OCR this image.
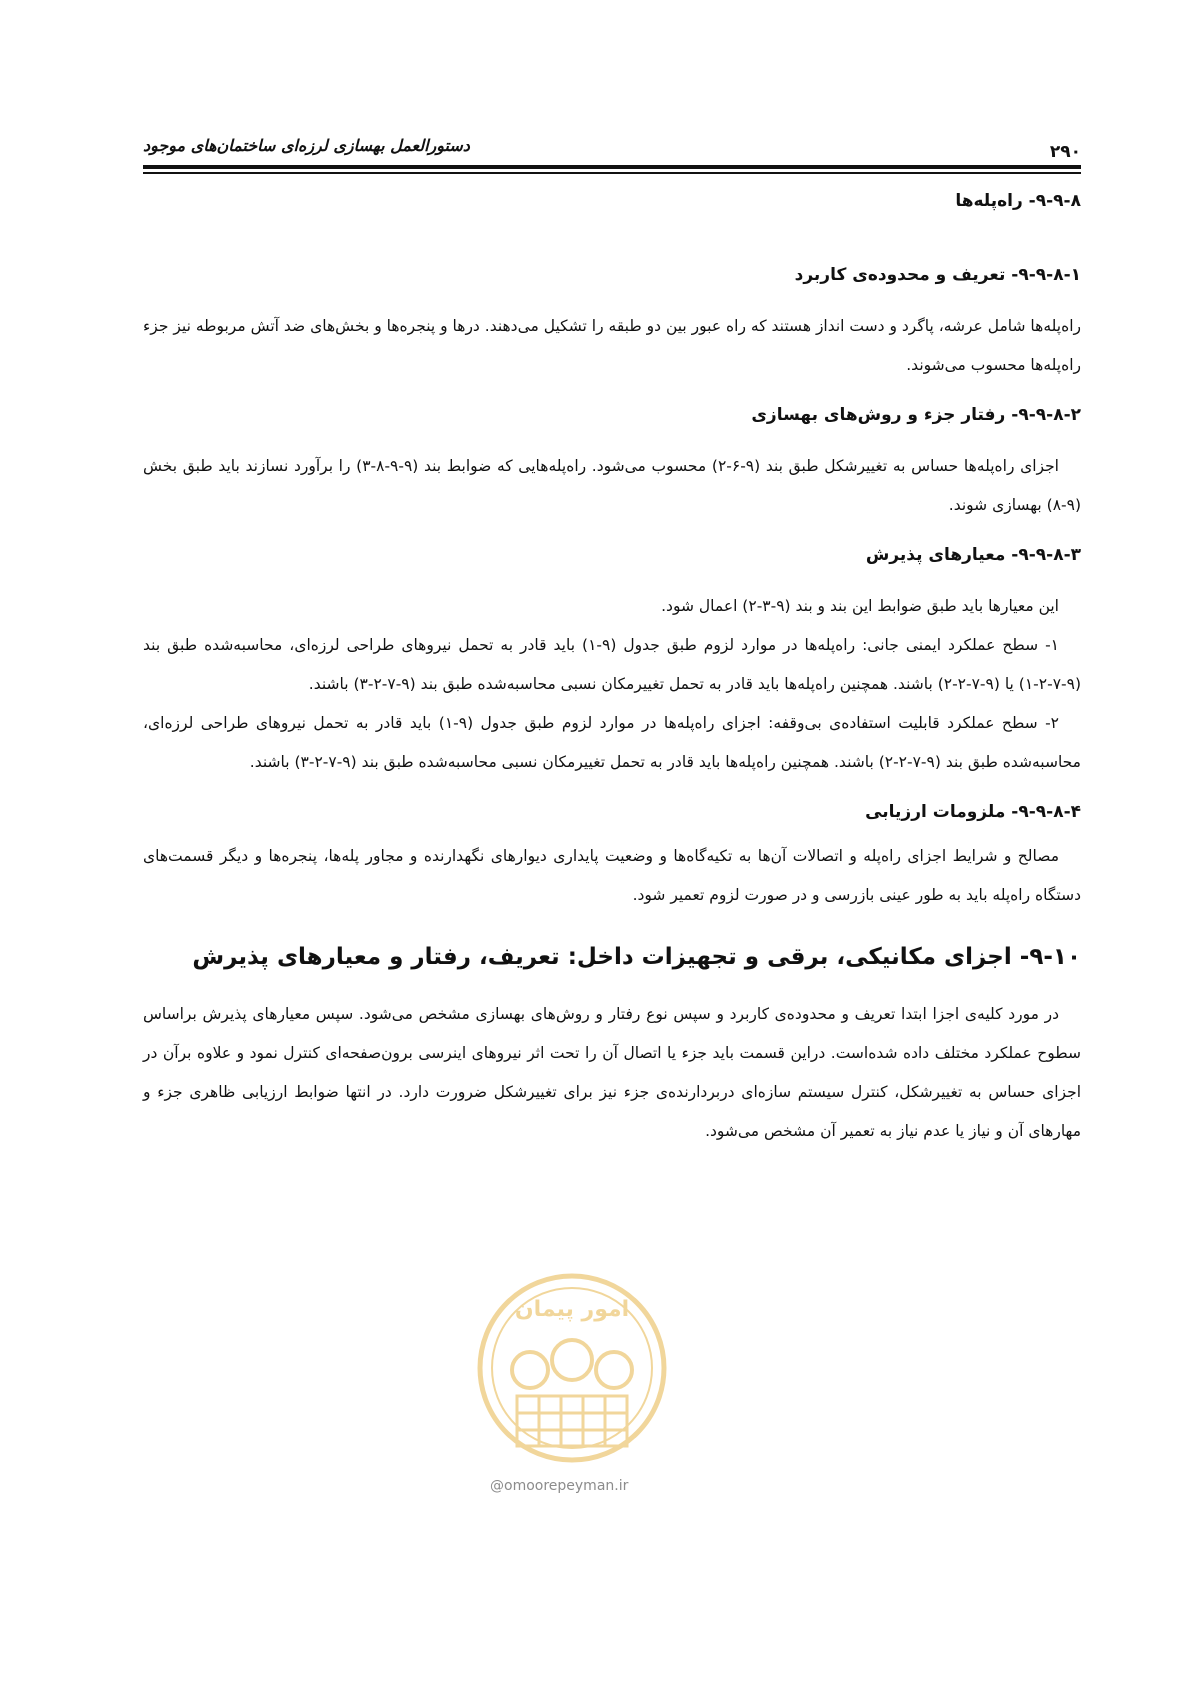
۲۹۰
دستورالعمل بهسازی لرزه‌ای ساختمان‌های موجود
۹-۹-۸- راه‌پله‌ها
۹-۹-۸-۱- تعریف و محدوده‌ی کاربرد

راه‌پله‌ها شامل عرشه، پاگرد و دست انداز هستند که راه عبور بین دو طبقه را تشکیل می‌دهند. درها و پنجره‌ها و بخش‌های ضد آتش مربوطه نیز جزء راه‌پله‌ها محسوب می‌شوند.

۹-۹-۸-۲- رفتار جزء و روش‌های بهسازی

اجزای راه‌پله‌ها حساس به تغییرشکل طبق بند (۹-۶-۲) محسوب می‌شود. راه‌پله‌هایی که ضوابط بند (۹-۹-۸-۳) را برآورد نسازند باید طبق بخش (۹-۸) بهسازی شوند.

۹-۹-۸-۳- معیارهای پذیرش

این معیارها باید طبق ضوابط این بند و بند (۹-۳-۲) اعمال شود.

۱- سطح عملکرد ایمنی جانی: راه‌پله‌ها در موارد لزوم طبق جدول (۹-۱) باید قادر به تحمل نیروهای طراحی لرزه‌ای، محاسبه‌شده طبق بند (۹-۷-۲-۱) یا (۹-۷-۲-۲) باشند. همچنین راه‌پله‌ها باید قادر به تحمل تغییرمکان نسبی محاسبه‌شده طبق بند (۹-۷-۲-۳) باشند.

۲- سطح عملکرد قابلیت استفاده‌ی بی‌وقفه: اجزای راه‌پله‌ها در موارد لزوم طبق جدول (۹-۱) باید قادر به تحمل نیروهای طراحی لرزه‌ای، محاسبه‌شده طبق بند (۹-۷-۲-۲) باشند. همچنین راه‌پله‌ها باید قادر به تحمل تغییرمکان نسبی محاسبه‌شده طبق بند (۹-۷-۲-۳) باشند.

۹-۹-۸-۴- ملزومات ارزیابی

مصالح و شرایط اجزای راه‌پله و اتصالات آن‌ها به تکیه‌گاه‌ها و وضعیت پایداری دیوارهای نگهدارنده و مجاور پله‌ها، پنجره‌ها و دیگر قسمت‌های دستگاه راه‌پله باید به طور عینی بازرسی و در صورت لزوم تعمیر شود.

۹-۱۰- اجزای مکانیکی، برقی و تجهیزات داخل: تعریف، رفتار و معیارهای پذیرش

در مورد کلیه‌ی اجزا ابتدا تعریف و محدوده‌ی کاربرد و سپس نوع رفتار و روش‌های بهسازی مشخص می‌شود. سپس معیارهای پذیرش براساس سطوح عملکرد مختلف داده شده‌است. دراین قسمت باید جزء یا اتصال آن را تحت اثر نیروهای اینرسی برون‌صفحه‌ای کنترل نمود و علاوه برآن در اجزای حساس به تغییرشکل، کنترل سیستم سازه‌ای دربردارنده‌ی جزء نیز برای تغییرشکل ضرورت دارد. در انتها ضوابط ارزیابی ظاهری جزء و مهارهای آن و نیاز یا عدم نیاز به تعمیر آن مشخص می‌شود.

امور پیمان
@omoorepeyman.ir
